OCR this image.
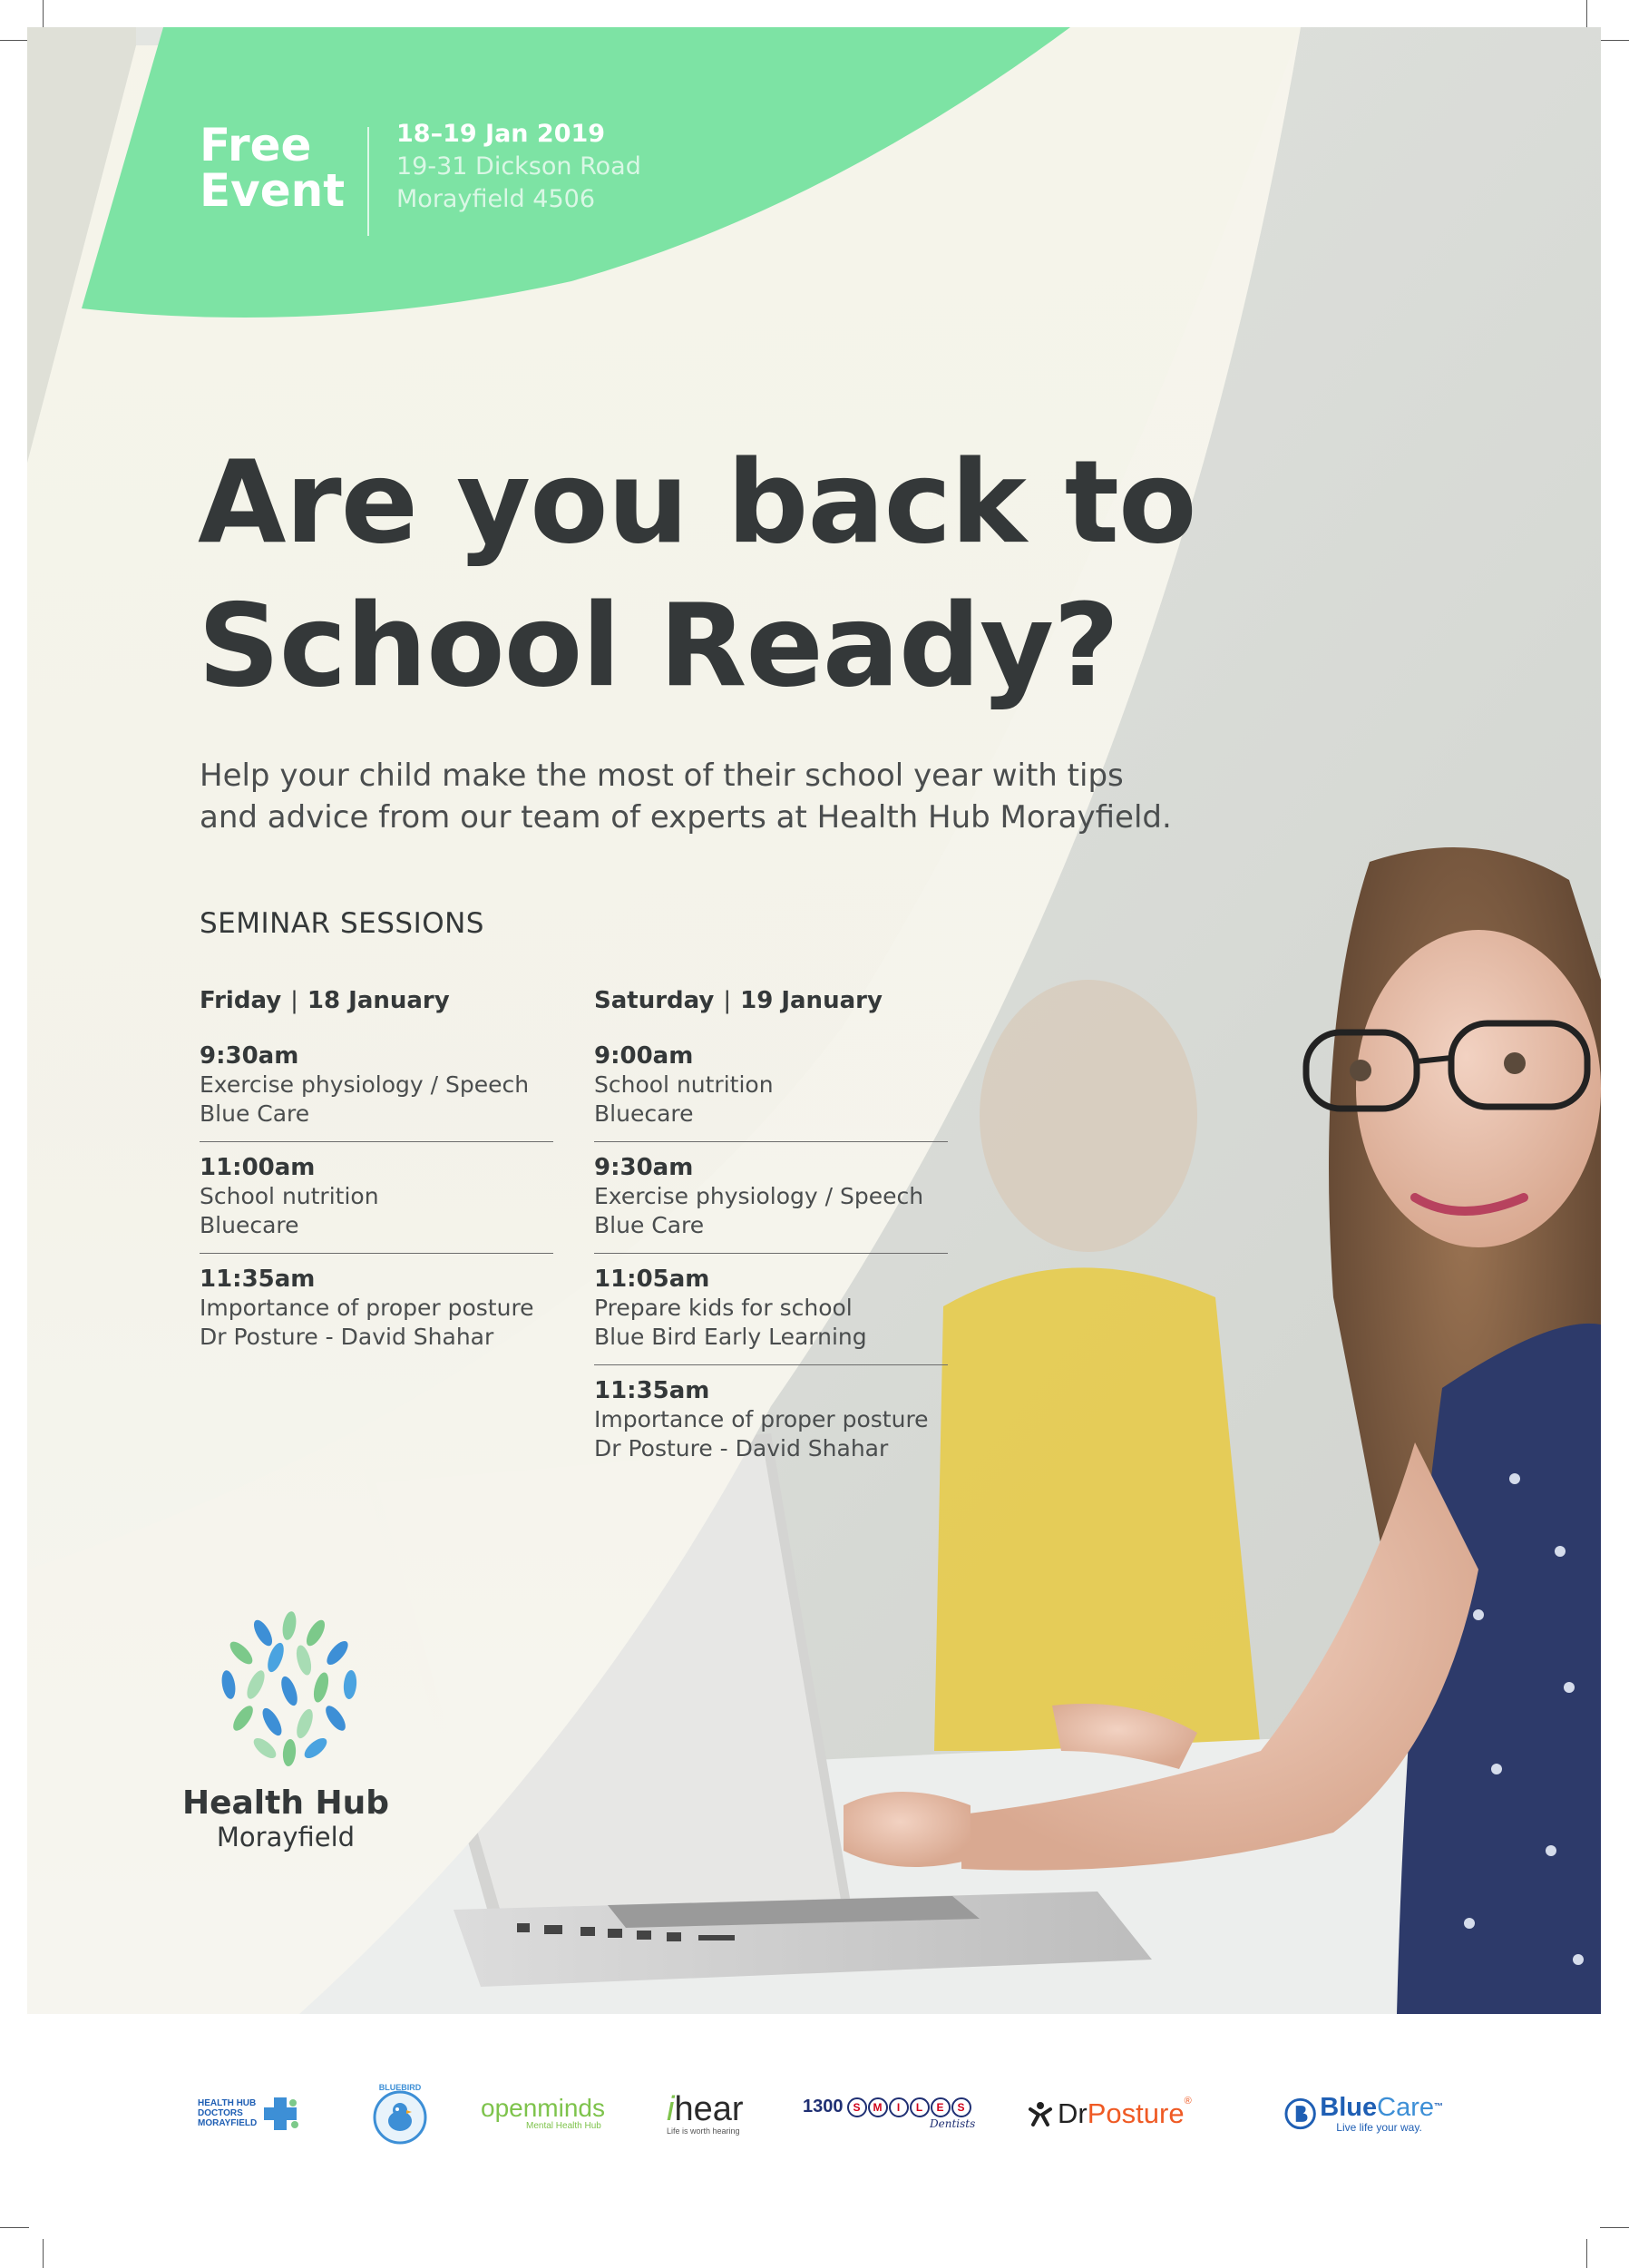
Free
Event
18–19 Jan 2019
19-31 Dickson Road
Morayfield 4506
Are you back to
School Ready?
Help your child make the most of their school year with tips
and advice from our team of experts at Health Hub Morayfield.
SEMINAR SESSIONS
Friday | 18 January
9:30am
Exercise physiology / Speech
Blue Care
11:00am
School nutrition
Bluecare
11:35am
Importance of proper posture
Dr Posture - David Shahar
Saturday | 19 January
9:00am
School nutrition
Bluecare
9:30am
Exercise physiology / Speech
Blue Care
11:05am
Prepare kids for school
Blue Bird Early Learning
11:35am
Importance of proper posture
Dr Posture - David Shahar
Health Hub
Morayfield
HEALTH HUB
DOCTORS
MORAYFIELD
BLUEBIRD
openminds
Mental Health Hub ihear
Life is worth hearing
1300 S	M	I	L	E	S
Dentists	Dr Posture ®	BlueCare™
Live life your way.
